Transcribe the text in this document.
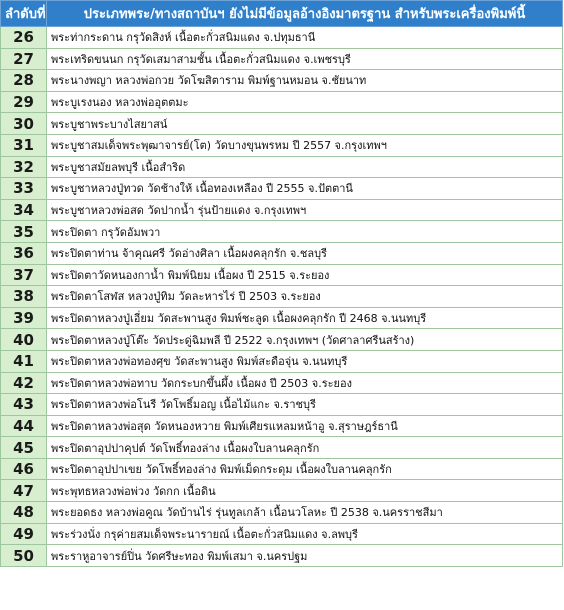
ลำดับที่	ประเภทพระ/ทางสถาบันฯ ยังไม่มีข้อมูลอ้างอิงมาตรฐาน สำหรับพระเครื่องพิมพ์นี้
26	พระท่ากระดาน กรุวัดสิงห์ เนื้อตะกั่วสนิมแดง จ.ปทุมธานี
27	พระเทริดขนนก กรุวัดเสมาสามชั้น เนื้อตะกั่วสนิมแดง จ.เพชรบุรี
28	พระนางพญา หลวงพ่อกวย วัดโฆสิตาราม พิมพ์ฐานหมอน จ.ชัยนาท
29	พระบูเรงนอง หลวงพ่ออุตตมะ
30	พระบูชาพระบางไสยาสน์
31	พระบูชาสมเด็จพระพุฒาจารย์(โต) วัดบางขุนพรหม ปี 2557 จ.กรุงเทพฯ
32	พระบูชาสมัยลพบุรี เนื้อสำริด
33	พระบูชาหลวงปู่ทวด วัดช้างให้ เนื้อทองเหลือง ปี 2555 จ.ปัตตานี
34	พระบูชาหลวงพ่อสด วัดปากน้ำ รุ่นป้ายแดง จ.กรุงเทพฯ
35	พระปิดตา กรุวัดอัมพวา
36	พระปิดตาท่าน จ้าคุณศรี วัดอ่างศิลา เนื้อผงคลุกรัก จ.ชลบุรี
37	พระปิดตาวัดหนองกาน้ำ พิมพ์นิยม เนื้อผง ปี 2515 จ.ระยอง
38	พระปิดตาโสฬส หลวงปู่ทิม วัดละหารไร่ ปี 2503 จ.ระยอง
39	พระปิดตาหลวงปู่เอี่ยม วัดสะพานสูง พิมพ์ชะลูด เนื้อผงคลุกรัก ปี 2468 จ.นนทบุรี
40	พระปิดตาหลวงปู่โต๊ะ วัดประดู่ฉิมพลี ปี 2522 จ.กรุงเทพฯ (วัดศาลาศรีนสร้าง)
41	พระปิดตาหลวงพ่อทองศุข วัดสะพานสูง พิมพ์สะดือจุ่น จ.นนทบุรี
42	พระปิดตาหลวงพ่อทาบ วัดกระบกขึ้นผึ้ง เนื้อผง ปี 2503 จ.ระยอง
43	พระปิดตาหลวงพ่อโนรี วัดโพธิ์มอญ เนื้อไม้แกะ จ.ราชบุรี
44	พระปิดตาหลวงพ่อสุด วัดหนองหวาย พิมพ์เศียรแหลมหน้าอู จ.สุราษฎร์ธานี
45	พระปิดตาอุปปาคุปต์ วัดโพธิ์ทองล่าง เนื้อผงใบลานคลุกรัก
46	พระปิดตาอุปปาเขย วัดโพธิ์ทองล่าง พิมพ์เม็ดกระดุม เนื้อผงใบลานคลุกรัก
47	พระพุทธหลวงพ่อพ่วง วัดกก เนื้อดิน
48	พระยอดธง หลวงพ่อคูณ วัดบ้านไร่ รุ่นทูลเกล้า เนื้อนวโลหะ ปี 2538 จ.นครราชสีมา
49	พระร่วงนั่ง กรุค่ายสมเด็จพระนารายณ์ เนื้อตะกั่วสนิมแดง จ.ลพบุรี
50	พระราหูอาจารย์ปิ่น วัดศรีษะทอง พิมพ์เสมา จ.นครปฐม
